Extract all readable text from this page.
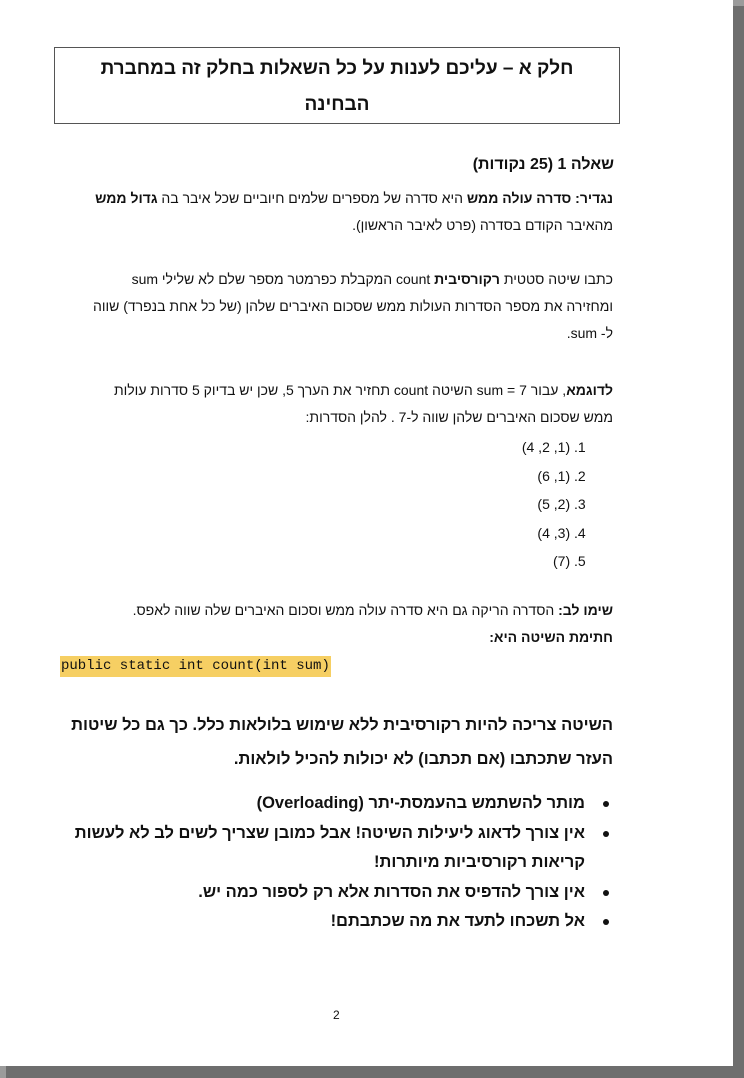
חלק א – עליכם לענות על כל השאלות בחלק זה במחברת
הבחינה
שאלה 1 (25 נקודות)
נגדיר: סדרה עולה ממש היא סדרה של מספרים שלמים חיוביים שכל איבר בה גדול ממש
מהאיבר הקודם בסדרה (פרט לאיבר הראשון).
כתבו שיטה סטטית רקורסיבית count המקבלת כפרמטר מספר שלם לא שלילי sum
ומחזירה את מספר הסדרות העולות ממש שסכום האיברים שלהן (של כל אחת בנפרד) שווה
ל- sum.
לדוגמא, עבור sum = 7 השיטה count תחזיר את הערך 5, שכן יש בדיוק 5 סדרות עולות
ממש שסכום האיברים שלהן שווה ל-7 . להלן הסדרות:
1. (1, 2, 4)
2. (1, 6)
3. (2, 5)
4. (3, 4)
5. (7)
שימו לב: הסדרה הריקה גם היא סדרה עולה ממש וסכום האיברים שלה שווה לאפס.
חתימת השיטה היא:
public static int count(int sum)
השיטה צריכה להיות רקורסיבית ללא שימוש בלולאות כלל. כך גם כל שיטות
העזר שתכתבו (אם תכתבו) לא יכולות להכיל לולאות.
מותר להשתמש בהעמסת-יתר (Overloading)
אין צורך לדאוג ליעילות השיטה! אבל כמובן שצריך לשים לב לא לעשות
קריאות רקורסיביות מיותרות!
אין צורך להדפיס את הסדרות אלא רק לספור כמה יש.
אל תשכחו לתעד את מה שכתבתם!
2
